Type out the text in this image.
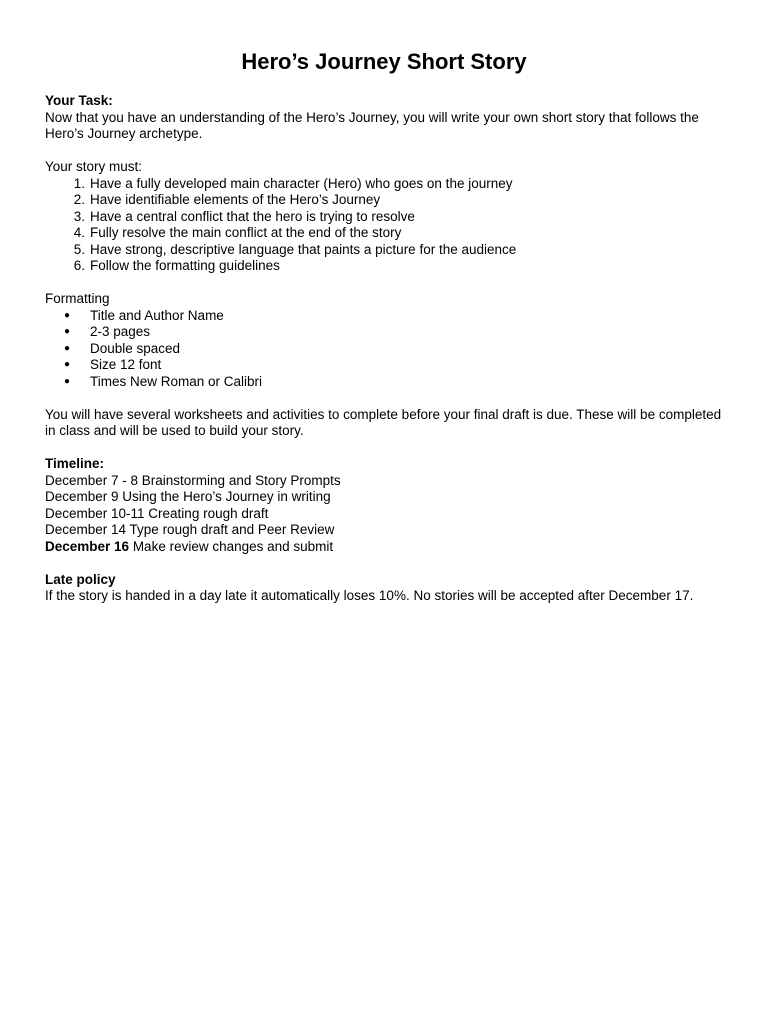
Hero’s Journey Short Story

Your Task:

Now that you have an understanding of the Hero’s Journey, you will write your own short story that follows the Hero’s Journey archetype.

Your story must:

1. Have a fully developed main character (Hero) who goes on the journey
2. Have identifiable elements of the Hero’s Journey
3. Have a central conflict that the hero is trying to resolve
4. Fully resolve the main conflict at the end of the story
5. Have strong, descriptive language that paints a picture for the audience
6. Follow the formatting guidelines

Formatting

● Title and Author Name
● 2-3 pages
● Double spaced
● Size 12 font
● Times New Roman or Calibri

You will have several worksheets and activities to complete before your final draft is due. These will be completed in class and will be used to build your story.

Timeline:

December 7 - 8 Brainstorming and Story Prompts

December 9 Using the Hero’s Journey in writing

December 10-11 Creating rough draft

December 14 Type rough draft and Peer Review

December 16 Make review changes and submit

Late policy

If the story is handed in a day late it automatically loses 10%. No stories will be accepted after December 17.
